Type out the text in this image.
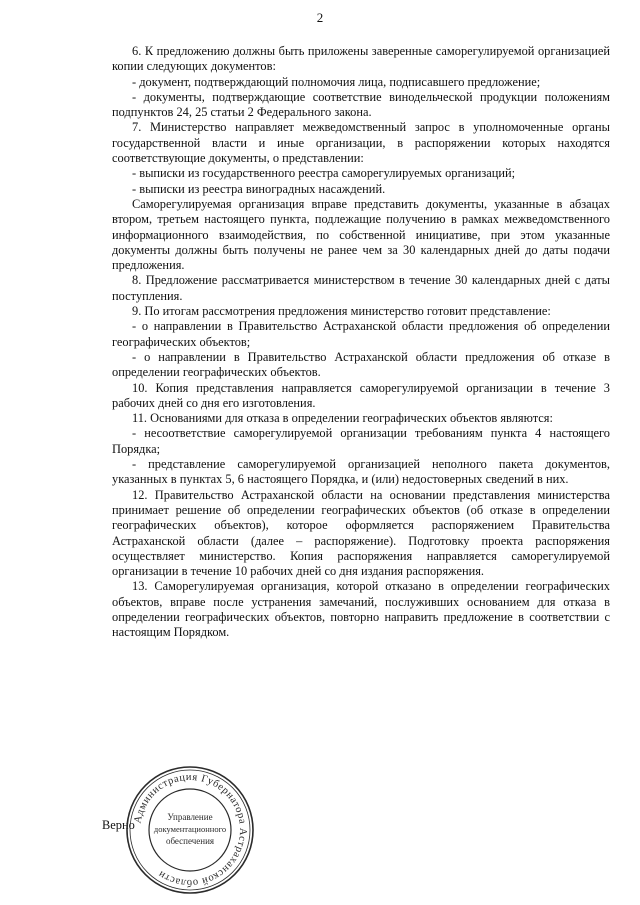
2

6. К предложению должны быть приложены заверенные саморегулируемой организацией копии следующих документов:

- документ, подтверждающий полномочия лица, подписавшего предложение;

- документы, подтверждающие соответствие винодельческой продукции положениям подпунктов 24, 25 статьи 2 Федерального закона.

7. Министерство направляет межведомственный запрос в уполномоченные органы государственной власти и иные организации, в распоряжении которых находятся соответствующие документы, о представлении:

- выписки из государственного реестра саморегулируемых организаций;

- выписки из реестра виноградных насаждений.

Саморегулируемая организация вправе представить документы, указанные в абзацах втором, третьем настоящего пункта, подлежащие получению в рамках межведомственного информационного взаимодействия, по собственной инициативе, при этом указанные документы должны быть получены не ранее чем за 30 календарных дней до даты подачи предложения.

8. Предложение рассматривается министерством в течение 30 календарных дней с даты поступления.

9. По итогам рассмотрения предложения министерство готовит представление:

- о направлении в Правительство Астраханской области предложения об определении географических объектов;

- о направлении в Правительство Астраханской области предложения об отказе в определении географических объектов.

10. Копия представления направляется саморегулируемой организации в течение 3 рабочих дней со дня его изготовления.

11. Основаниями для отказа в определении географических объектов являются:

- несоответствие саморегулируемой организации требованиям пункта 4 настоящего Порядка;

- представление саморегулируемой организацией неполного пакета документов, указанных в пунктах 5, 6 настоящего Порядка, и (или) недостоверных сведений в них.

12. Правительство Астраханской области на основании представления министерства принимает решение об определении географических объектов (об отказе в определении географических объектов), которое оформляется распоряжением Правительства Астраханской области (далее – распоряжение). Подготовку проекта распоряжения осуществляет министерство. Копия распоряжения направляется саморегулируемой организации в течение 10 рабочих дней со дня издания распоряжения.

13. Саморегулируемая организация, которой отказано в определении географических объектов, вправе после устранения замечаний, послуживших основанием для отказа в определении географических объектов, повторно направить предложение в соответствии с настоящим Порядком.

Верно
Администрация Губернатора Астраханской области
Управление
документационного
обеспечения
